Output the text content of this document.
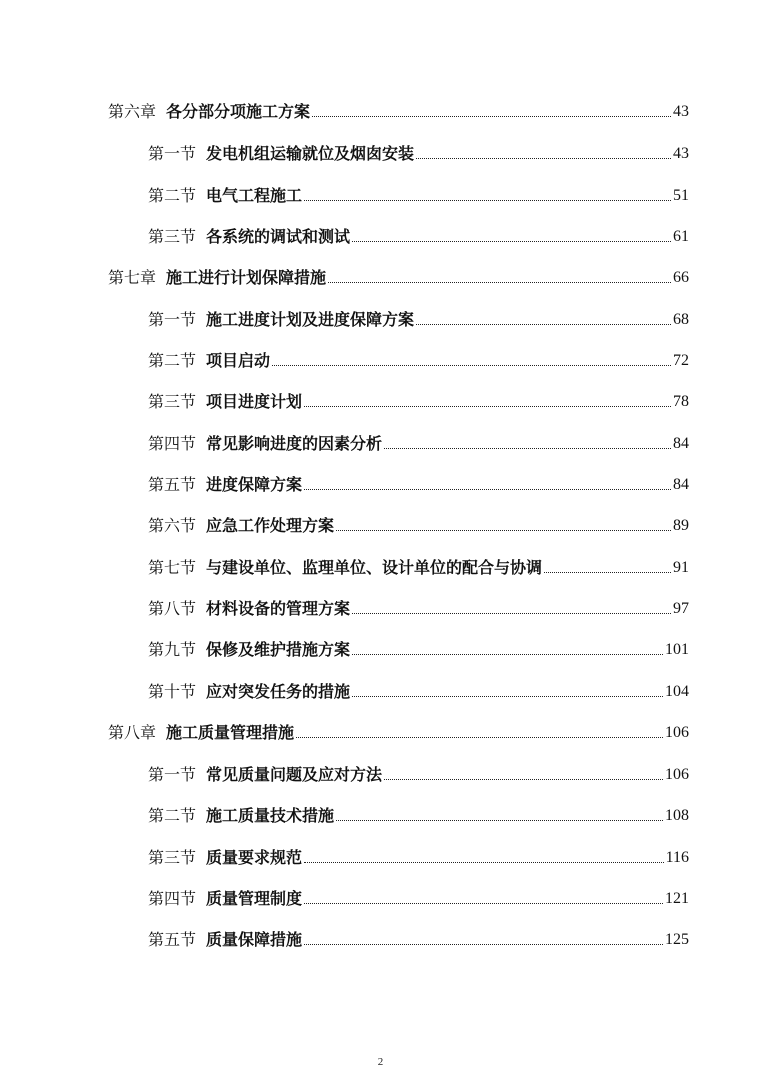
第六章 各分部分项施工方案	43
第一节 发电机组运输就位及烟囱安装	43
第二节 电气工程施工	51
第三节 各系统的调试和测试	61
第七章 施工进行计划保障措施	66
第一节 施工进度计划及进度保障方案	68
第二节 项目启动	72
第三节 项目进度计划	78
第四节 常见影响进度的因素分析	84
第五节 进度保障方案	84
第六节 应急工作处理方案	89
第七节 与建设单位、监理单位、设计单位的配合与协调	91
第八节 材料设备的管理方案	97
第九节 保修及维护措施方案	101
第十节 应对突发任务的措施	104
第八章 施工质量管理措施	106
第一节 常见质量问题及应对方法	106
第二节 施工质量技术措施	108
第三节 质量要求规范	116
第四节 质量管理制度	121
第五节 质量保障措施	125
2
